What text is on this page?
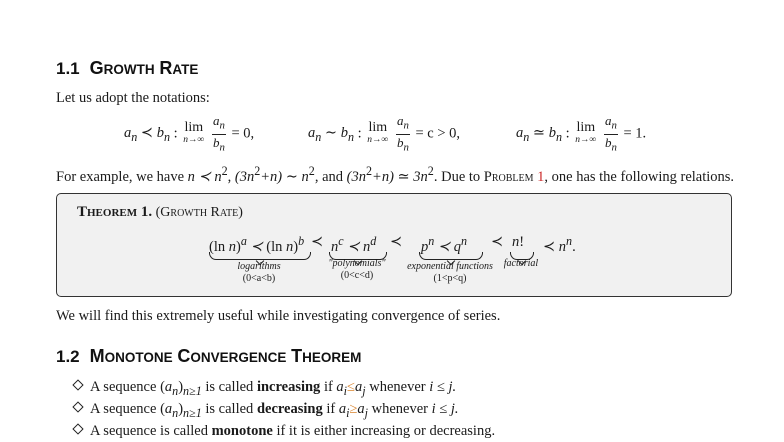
1.1 GROWTH RATE
Let us adopt the notations:
$a_n$ ≺ $b_n$ : lim
n→∞
$\frac{a_n}{b_n} = 0$,	$a_n$ ∼ $b_n$ : lim
n→∞
$\frac{a_n}{b_n} = c > 0$,	$a_n$ ≃ $b_n$ : lim
n→∞
$\frac{a_n}{b_n} = 1$.
For example, we have n ≺ $n^2$, $(3n^2+n)$ ∼ $n^2$, and $(3n^2+n)$ ≃ $3n^2$. Due to Problem 1, one has the following relations.
Theorem 1. (Growth Rate)
(ln n)$^a$ ≺ (ln n)$^b$ ≺ $n^c$ ≺ $n^d$ ≺ $p^n$ ≺ $q^n$ ≺ n! ≺ $n^n$.
logarithms
(0<a<b)
"polynomials"
(0<c<d)
exponential functions
(1<p<q)
factorial
We will find this extremely useful while investigating convergence of series.
1.2 MONOTONE CONVERGENCE THEOREM
A sequence $(a_n)_{n\ge 1}$ is called increasing if $a_i\le a_j$ whenever i ≤ j.
A sequence $(a_n)_{n\ge 1}$ is called decreasing if $a_i\ge a_j$ whenever i ≤ j.
A sequence is called monotone if it is either increasing or decreasing.
